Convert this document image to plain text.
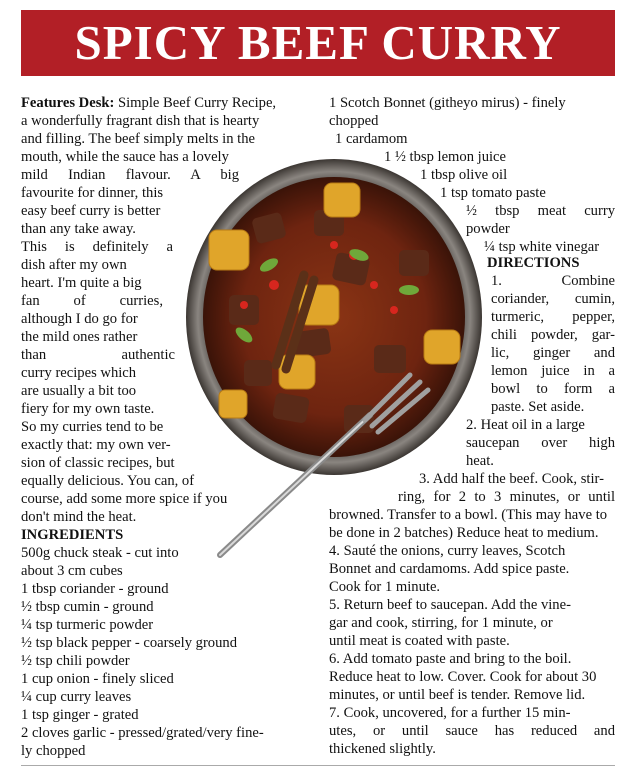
SPICY BEEF CURRY
Features Desk: Simple Beef Curry Recipe,
a wonderfully fragrant dish that is hearty
and filling. The beef simply melts in the
mouth, while the sauce has a lovely
mild Indian flavour. A big
favourite for dinner, this
easy beef curry is better
than any take away.
This is definitely a
dish after my own
heart. I'm quite a big
fan of curries,
although I do go for
the mild ones rather
than authentic
curry recipes which
are usually a bit too
fiery for my own taste.
So my curries tend to be
exactly that: my own ver-
sion of classic recipes, but
equally delicious. You can, of
course, add some more spice if you
don't mind the heat.
INGREDIENTS
500g chuck steak - cut into
about 3 cm cubes
1 tbsp coriander - ground
½ tbsp cumin - ground
¼ tsp turmeric powder
½ tsp black pepper - coarsely ground
½ tsp chili powder
1 cup onion - finely sliced
¼ cup curry leaves
1 tsp ginger - grated
2 cloves garlic - pressed/grated/very fine-
ly chopped
1 Scotch Bonnet (githeyo mirus) - finely
chopped
1 cardamom
1 ½ tbsp lemon juice
1 tbsp olive oil
1 tsp tomato paste
½ tbsp meat curry
powder
¼ tsp white vinegar
DIRECTIONS
1. Combine
coriander, cumin,
turmeric, pepper,
chili powder, gar-
lic, ginger and
lemon juice in a
bowl to form a
paste. Set aside.
2. Heat oil in a large
saucepan over high
heat.
3. Add half the beef. Cook, stir-
ring, for 2 to 3 minutes, or until
browned. Transfer to a bowl. (This may have to
be done in 2 batches) Reduce heat to medium.
4. Sauté the onions, curry leaves, Scotch
Bonnet and cardamoms. Add spice paste.
Cook for 1 minute.
5. Return beef to saucepan. Add the vine-
gar and cook, stirring, for 1 minute, or
until meat is coated with paste.
6. Add tomato paste and bring to the boil.
Reduce heat to low. Cover. Cook for about 30
minutes, or until beef is tender. Remove lid.
7. Cook, uncovered, for a further 15 min-
utes, or until sauce has reduced and
thickened slightly.
